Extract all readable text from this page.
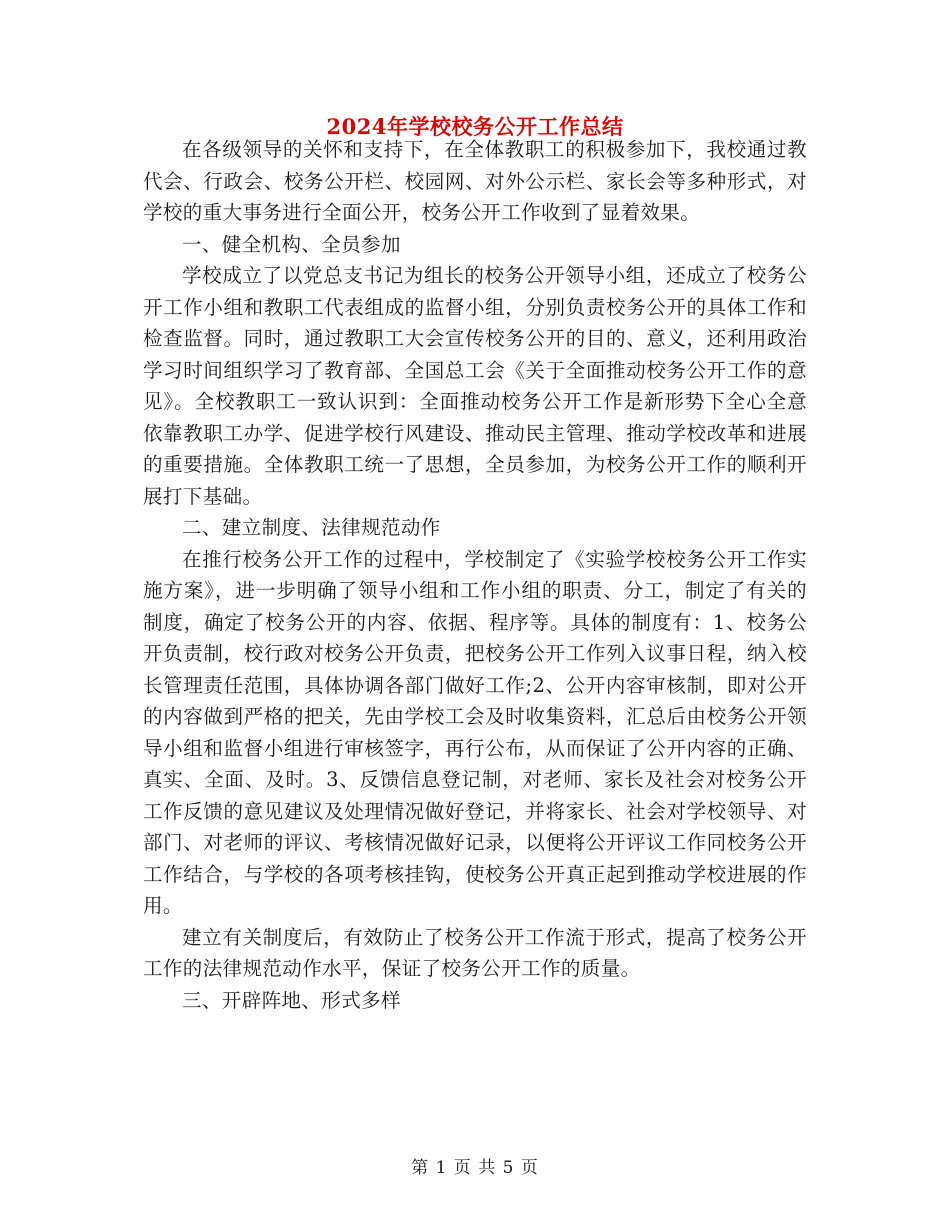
2024年学校校务公开工作总结

在各级领导的关怀和支持下，在全体教职工的积极参加下，我校通过教代会、行政会、校务公开栏、校园网、对外公示栏、家长会等多种形式，对学校的重大事务进行全面公开，校务公开工作收到了显着效果。

一、健全机构、全员参加

学校成立了以党总支书记为组长的校务公开领导小组，还成立了校务公开工作小组和教职工代表组成的监督小组，分别负责校务公开的具体工作和检查监督。同时，通过教职工大会宣传校务公开的目的、意义，还利用政治学习时间组织学习了教育部、全国总工会《关于全面推动校务公开工作的意见》。全校教职工一致认识到：全面推动校务公开工作是新形势下全心全意依靠教职工办学、促进学校行风建设、推动民主管理、推动学校改革和进展的重要措施。全体教职工统一了思想，全员参加，为校务公开工作的顺利开展打下基础。

二、建立制度、法律规范动作

在推行校务公开工作的过程中，学校制定了《实验学校校务公开工作实施方案》，进一步明确了领导小组和工作小组的职责、分工，制定了有关的制度，确定了校务公开的内容、依据、程序等。具体的制度有：1、校务公开负责制，校行政对校务公开负责，把校务公开工作列入议事日程，纳入校长管理责任范围，具体协调各部门做好工作;2、公开内容审核制，即对公开的内容做到严格的把关，先由学校工会及时收集资料，汇总后由校务公开领导小组和监督小组进行审核签字，再行公布，从而保证了公开内容的正确、真实、全面、及时。3、反馈信息登记制，对老师、家长及社会对校务公开工作反馈的意见建议及处理情况做好登记，并将家长、社会对学校领导、对部门、对老师的评议、考核情况做好记录，以便将公开评议工作同校务公开工作结合，与学校的各项考核挂钩，使校务公开真正起到推动学校进展的作用。

建立有关制度后，有效防止了校务公开工作流于形式，提高了校务公开工作的法律规范动作水平，保证了校务公开工作的质量。

三、开辟阵地、形式多样

第 1 页 共 5 页
